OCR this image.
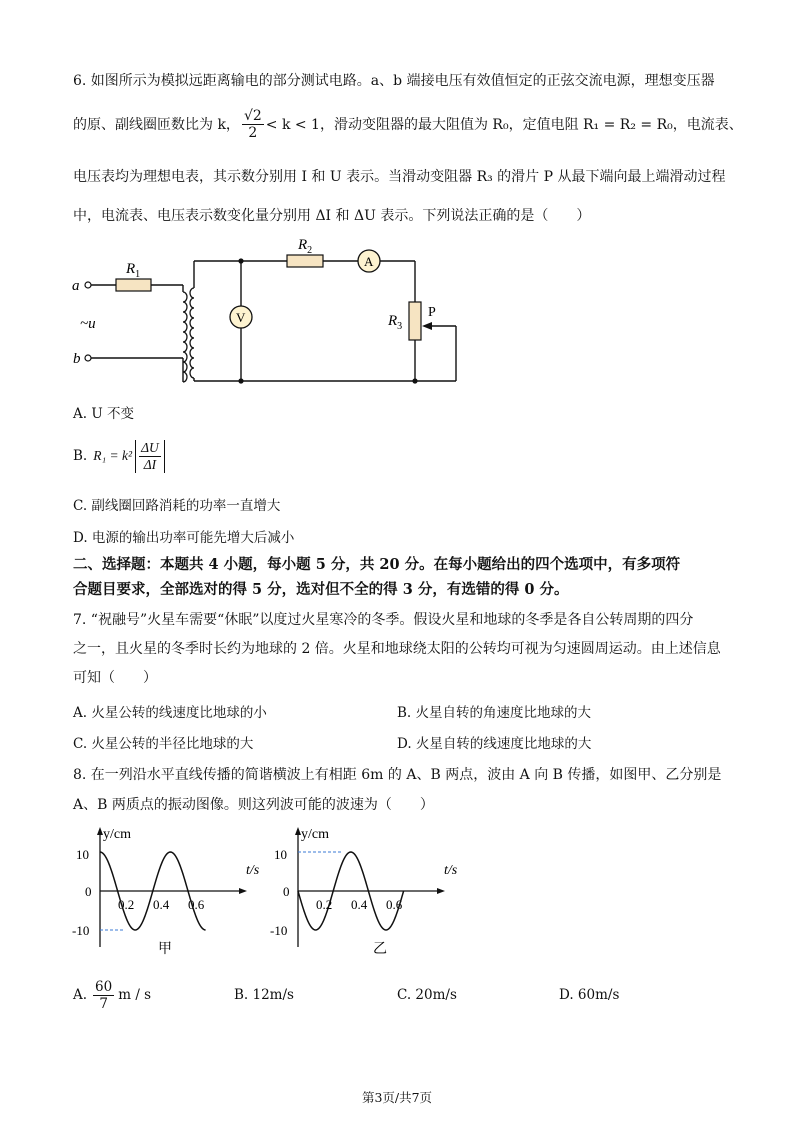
6. 如图所示为模拟远距离输电的部分测试电路。a、b 端接电压有效值恒定的正弦交流电源，理想变压器
的原、副线圈匝数比为 k， $\frac{√2}{2} < k < 1$，滑动变阻器的最大阻值为 R₀，定值电阻 R₁ = R₂ = R₀，电流表、
电压表均为理想电表，其示数分别用 I 和 U 表示。当滑动变阻器 R₃ 的滑片 P 从最下端向最上端滑动过程
中，电流表、电压表示数变化量分别用 ΔI 和 ΔU 表示。下列说法正确的是（　　）
a
$R_1$
~u
b
$R_2$
A
$R_3$
P
V
A. U 不变
B. $R_1 = k^2 \frac{\Delta U}{\Delta I}$
C. 副线圈回路消耗的功率一直增大
D. 电源的输出功率可能先增大后减小
二、选择题：本题共 4 小题，每小题 5 分，共 20 分。在每小题给出的四个选项中，有多项符
合题目要求，全部选对的得 5 分，选对但不全的得 3 分，有选错的得 0 分。
7. “祝融号”火星车需要“休眠”以度过火星寒冷的冬季。假设火星和地球的冬季是各自公转周期的四分
之一，且火星的冬季时长约为地球的 2 倍。火星和地球绕太阳的公转均可视为匀速圆周运动。由上述信息
可知（　　）
A. 火星公转的线速度比地球的小	B. 火星自转的角速度比地球的大
C. 火星公转的半径比地球的大	D. 火星自转的线速度比地球的大
8. 在一列沿水平直线传播的简谐横波上有相距 6m 的 A、B 两点，波由 A 向 B 传播，如图甲、乙分别是
A、B 两质点的振动图像。则这列波可能的波速为（　　）
y/cm
t/s
10
0
-10
0.2 0.4 0.6
甲
y/cm
t/s
10
0
-10
0.2 0.4 0.6
乙
A. $\frac{60}{7}$ m / s	B. 12m/s	C. 20m/s	D. 60m/s
第3页/共7页
